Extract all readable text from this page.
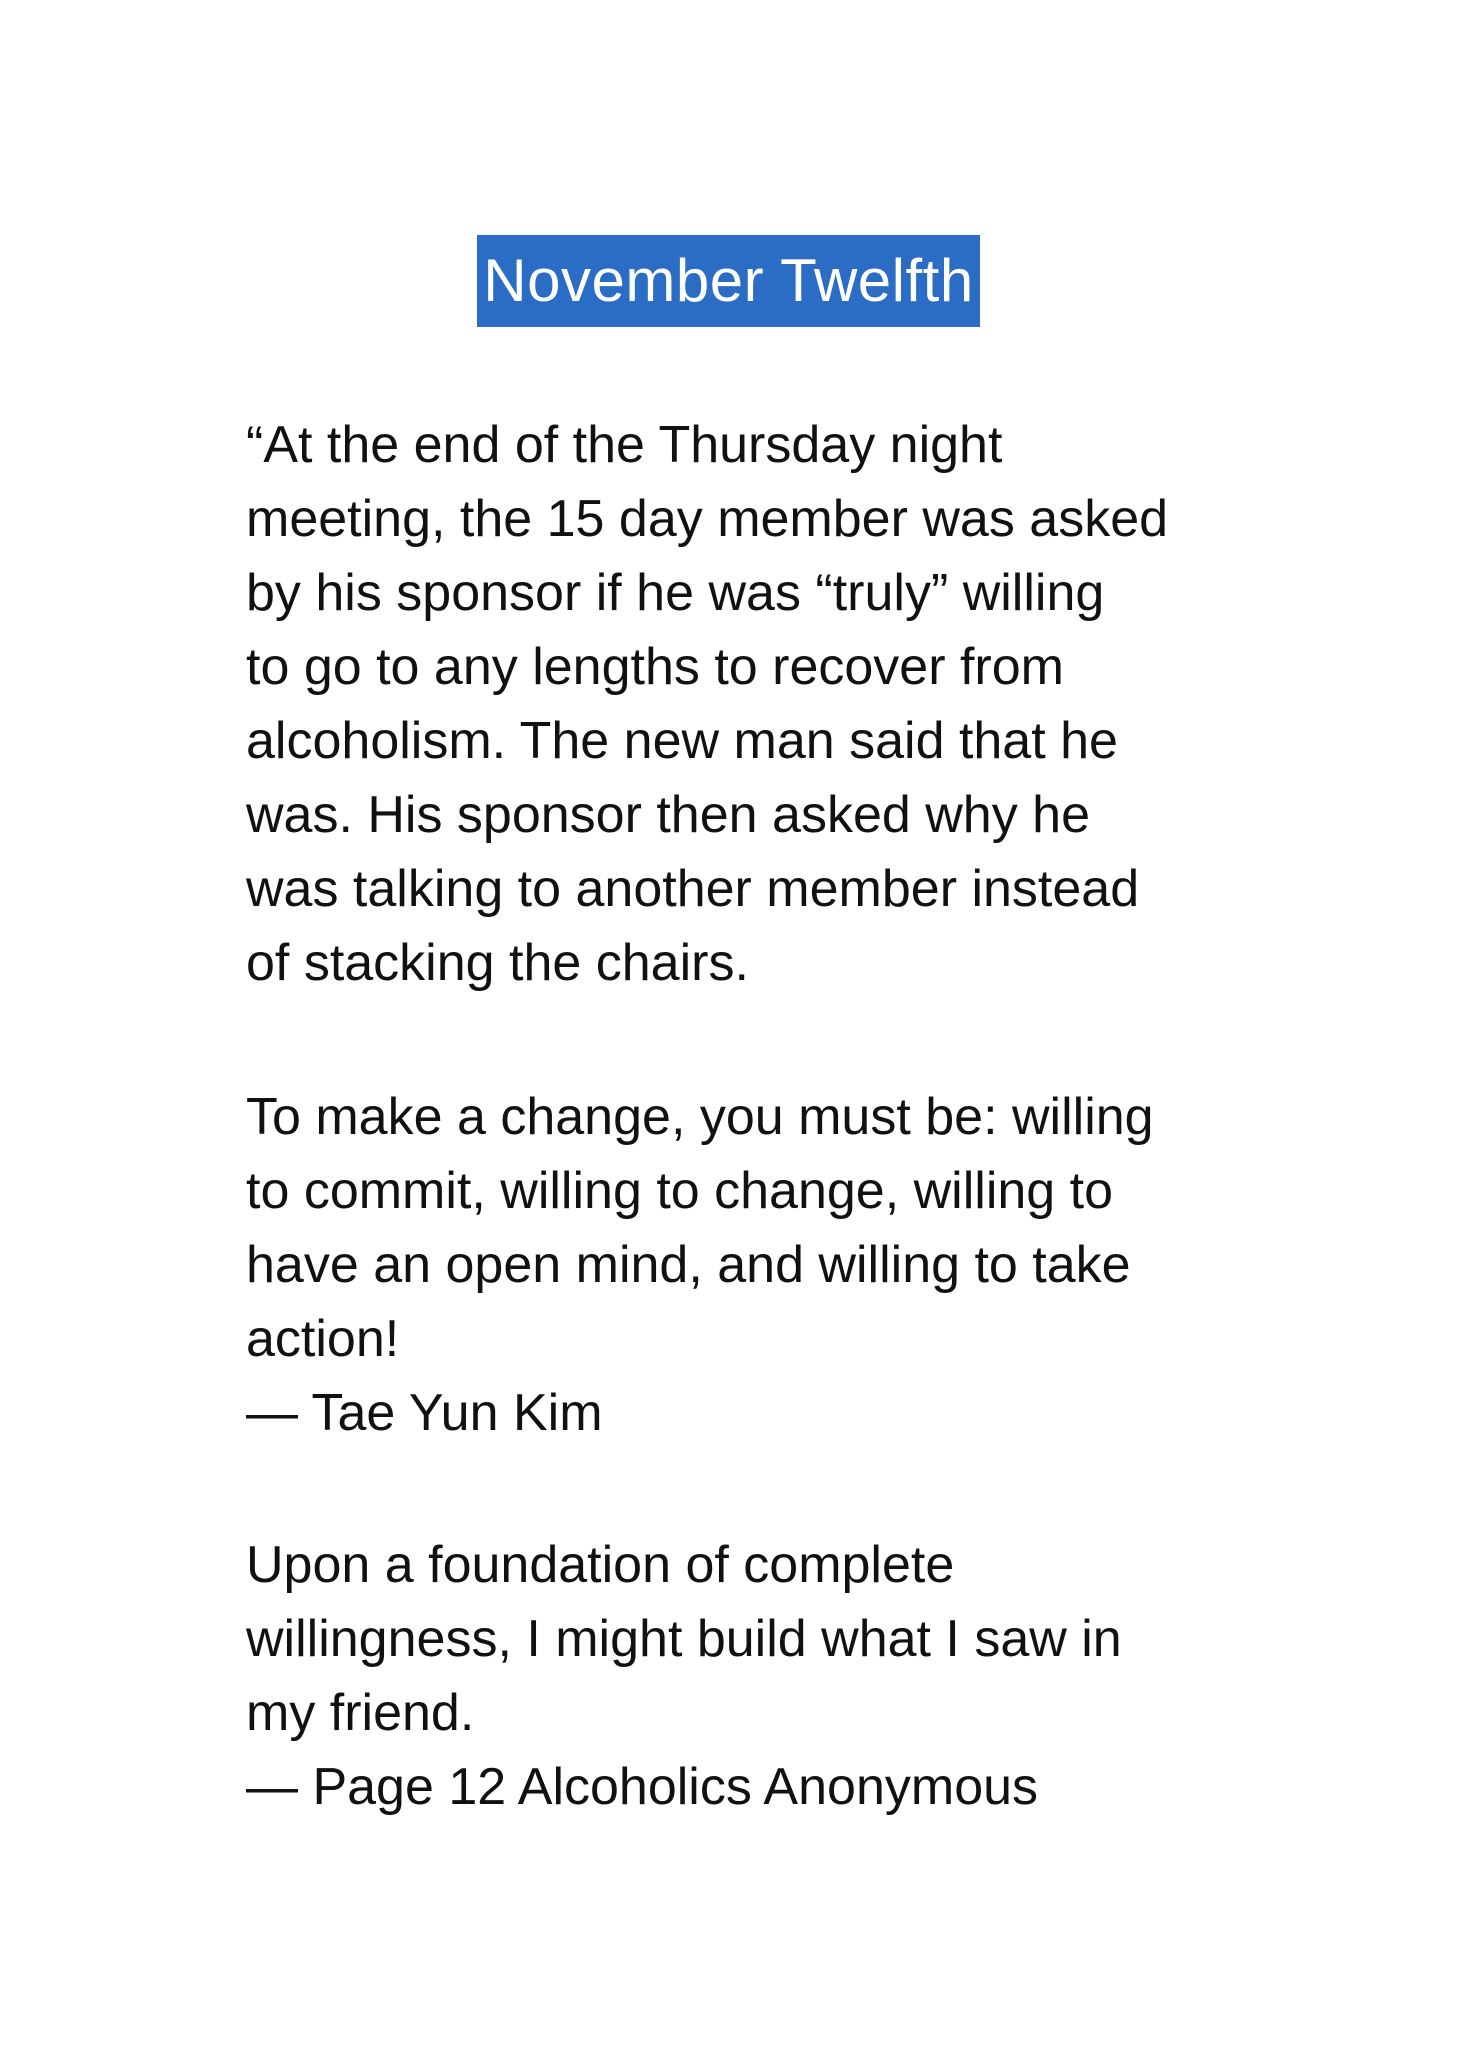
November Twelfth
“At the end of the Thursday night
meeting, the 15 day member was asked
by his sponsor if he was “truly” willing
to go to any lengths to recover from
alcoholism. The new man said that he
was. His sponsor then asked why he
was talking to another member instead
of stacking the chairs.
To make a change, you must be: willing
to commit, willing to change, willing to
have an open mind, and willing to take
action!
— Tae Yun Kim
Upon a foundation of complete
willingness, I might build what I saw in
my friend.
— Page 12 Alcoholics Anonymous
